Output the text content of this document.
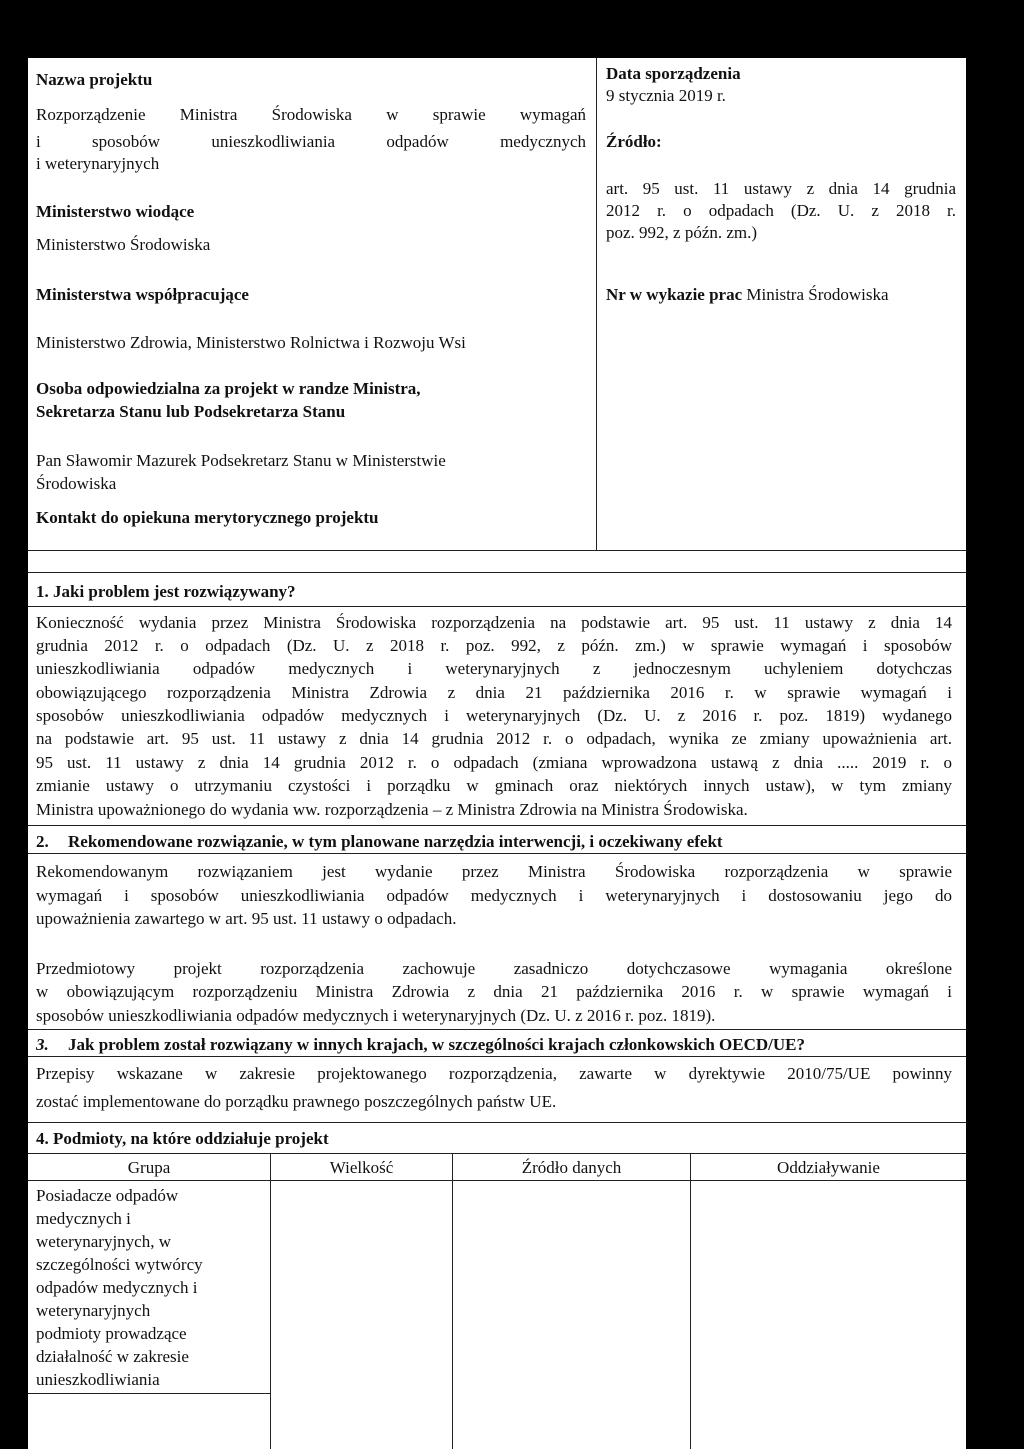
Nazwa projektu
Rozporządzenie Ministra Środowiska w sprawie wymagań
i sposobów unieszkodliwiania odpadów medycznych
i weterynaryjnych
Ministerstwo wiodące
Ministerstwo Środowiska
Ministerstwa współpracujące
Ministerstwo Zdrowia, Ministerstwo Rolnictwa i Rozwoju Wsi
Osoba odpowiedzialna za projekt w randze Ministra,
Sekretarza Stanu lub Podsekretarza Stanu
Pan Sławomir Mazurek Podsekretarz Stanu w Ministerstwie
Środowiska
Kontakt do opiekuna merytorycznego projektu
Data sporządzenia
9 stycznia 2019 r.
Źródło:
art. 95 ust. 11 ustawy z dnia 14 grudnia
2012 r. o odpadach (Dz. U. z 2018 r.
poz. 992, z późn. zm.)
Nr w wykazie prac Ministra Środowiska
1. Jaki problem jest rozwiązywany?
Konieczność wydania przez Ministra Środowiska rozporządzenia na podstawie art. 95 ust. 11 ustawy z dnia 14
grudnia 2012 r. o odpadach (Dz. U. z 2018 r. poz. 992, z późn. zm.) w sprawie wymagań i sposobów
unieszkodliwiania odpadów medycznych i weterynaryjnych z jednoczesnym uchyleniem dotychczas
obowiązującego rozporządzenia Ministra Zdrowia z dnia 21 października 2016 r. w sprawie wymagań i
sposobów unieszkodliwiania odpadów medycznych i weterynaryjnych (Dz. U. z 2016 r. poz. 1819) wydanego
na podstawie art. 95 ust. 11 ustawy z dnia 14 grudnia 2012 r. o odpadach, wynika ze zmiany upoważnienia art.
95 ust. 11 ustawy z dnia 14 grudnia 2012 r. o odpadach (zmiana wprowadzona ustawą z dnia ..... 2019 r. o
zmianie ustawy o utrzymaniu czystości i porządku w gminach oraz niektórych innych ustaw), w tym zmiany
Ministra upoważnionego do wydania ww. rozporządzenia – z Ministra Zdrowia na Ministra Środowiska.
2. Rekomendowane rozwiązanie, w tym planowane narzędzia interwencji, i oczekiwany efekt
Rekomendowanym rozwiązaniem jest wydanie przez Ministra Środowiska rozporządzenia w sprawie
wymagań i sposobów unieszkodliwiania odpadów medycznych i weterynaryjnych i dostosowaniu jego do
upoważnienia zawartego w art. 95 ust. 11 ustawy o odpadach.
Przedmiotowy projekt rozporządzenia zachowuje zasadniczo dotychczasowe wymagania określone
w obowiązującym rozporządzeniu Ministra Zdrowia z dnia 21 października 2016 r. w sprawie wymagań i
sposobów unieszkodliwiania odpadów medycznych i weterynaryjnych (Dz. U. z 2016 r. poz. 1819).
3. Jak problem został rozwiązany w innych krajach, w szczególności krajach członkowskich OECD/UE?
Przepisy wskazane w zakresie projektowanego rozporządzenia, zawarte w dyrektywie 2010/75/UE powinny
zostać implementowane do porządku prawnego poszczególnych państw UE.
4. Podmioty, na które oddziałuje projekt
Grupa	Wielkość	Źródło danych	Oddziaływanie
Posiadacze odpadów
medycznych i
weterynaryjnych, w
szczególności wytwórcy
odpadów medycznych i
weterynaryjnych
podmioty prowadzące
działalność w zakresie
unieszkodliwiania
